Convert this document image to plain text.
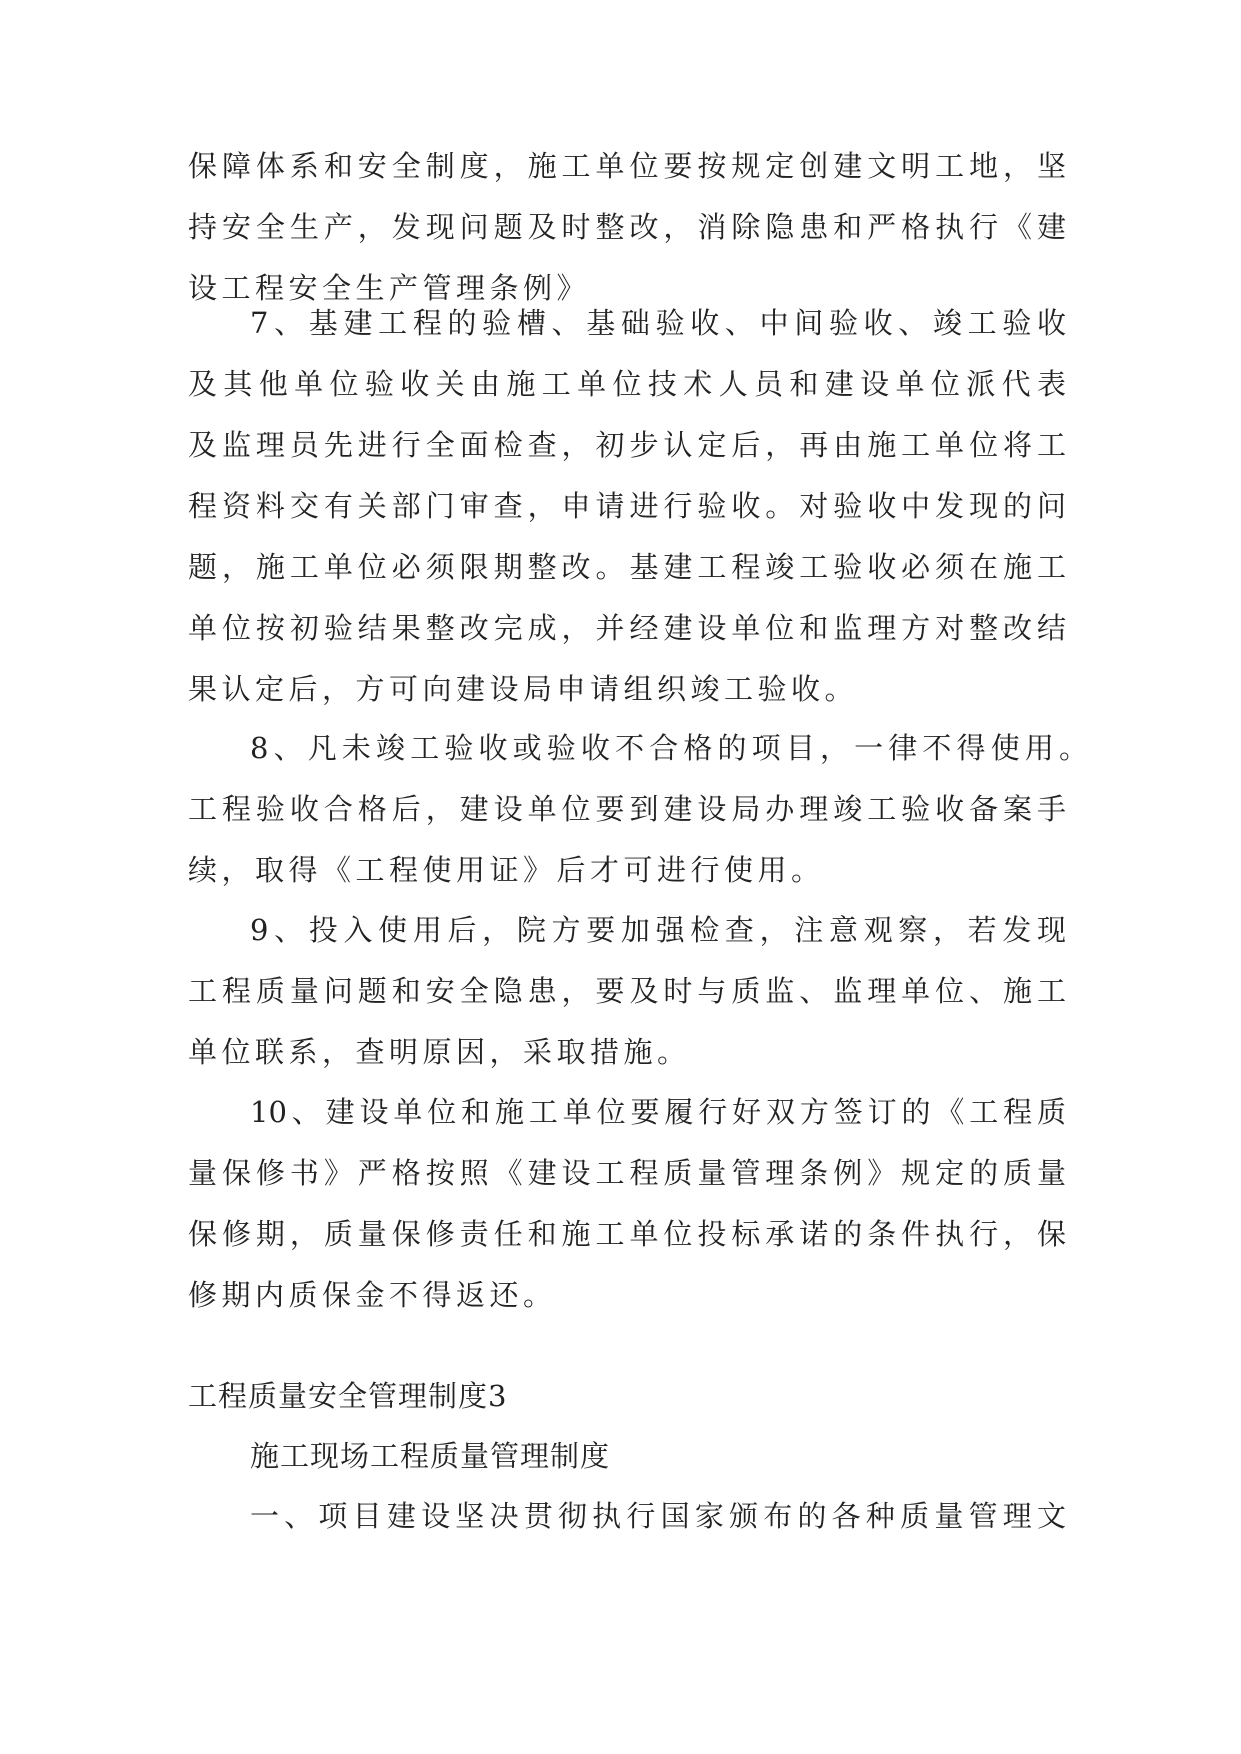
保障体系和安全制度，施工单位要按规定创建文明工地，坚
持安全生产，发现问题及时整改，消除隐患和严格执行《建
设工程安全生产管理条例》
7、基建工程的验槽、基础验收、中间验收、竣工验收
及其他单位验收关由施工单位技术人员和建设单位派代表
及监理员先进行全面检查，初步认定后，再由施工单位将工
程资料交有关部门审查，申请进行验收。对验收中发现的问
题，施工单位必须限期整改。基建工程竣工验收必须在施工
单位按初验结果整改完成，并经建设单位和监理方对整改结
果认定后，方可向建设局申请组织竣工验收。
8、凡未竣工验收或验收不合格的项目，一律不得使用。
工程验收合格后，建设单位要到建设局办理竣工验收备案手
续，取得《工程使用证》后才可进行使用。
9、投入使用后，院方要加强检查，注意观察，若发现
工程质量问题和安全隐患，要及时与质监、监理单位、施工
单位联系，查明原因，采取措施。
10、建设单位和施工单位要履行好双方签订的《工程质
量保修书》严格按照《建设工程质量管理条例》规定的质量
保修期，质量保修责任和施工单位投标承诺的条件执行，保
修期内质保金不得返还。
工程质量安全管理制度3
施工现场工程质量管理制度
一、项目建设坚决贯彻执行国家颁布的各种质量管理文
